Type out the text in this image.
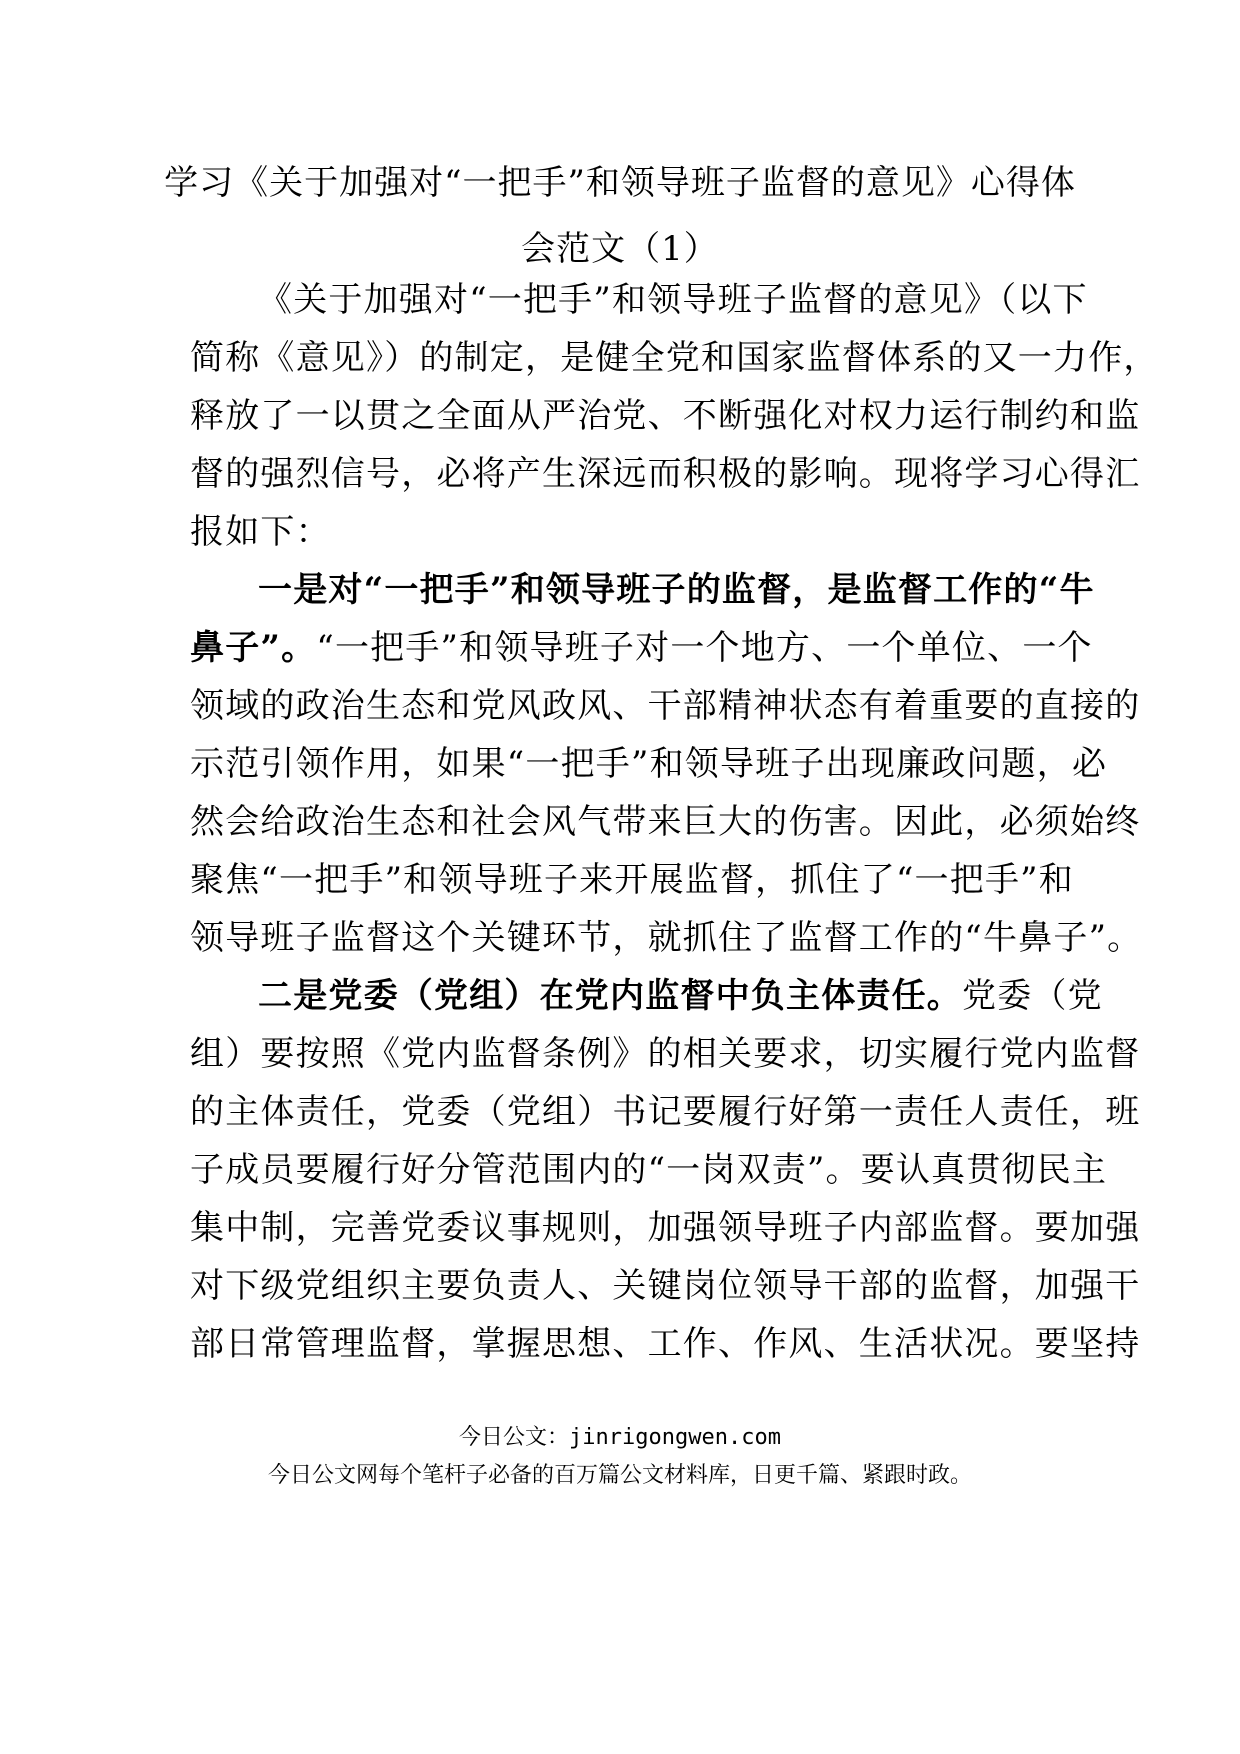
学习《关于加强对“一把手”和领导班子监督的意见》心得体
会范文（1）
《关于加强对“一把手”和领导班子监督的意见》（以下
简称《意见》）的制定，是健全党和国家监督体系的又一力作，
释放了一以贯之全面从严治党、不断强化对权力运行制约和监
督的强烈信号，必将产生深远而积极的影响。现将学习心得汇
报如下：
一是对“一把手”和领导班子的监督，是监督工作的“牛
鼻子”。“一把手”和领导班子对一个地方、一个单位、一个
领域的政治生态和党风政风、干部精神状态有着重要的直接的
示范引领作用，如果“一把手”和领导班子出现廉政问题，必
然会给政治生态和社会风气带来巨大的伤害。因此，必须始终
聚焦“一把手”和领导班子来开展监督，抓住了“一把手”和
领导班子监督这个关键环节，就抓住了监督工作的“牛鼻子”。
二是党委（党组）在党内监督中负主体责任。党委（党
组）要按照《党内监督条例》的相关要求，切实履行党内监督
的主体责任，党委（党组）书记要履行好第一责任人责任，班
子成员要履行好分管范围内的“一岗双责”。要认真贯彻民主
集中制，完善党委议事规则，加强领导班子内部监督。要加强
对下级党组织主要负责人、关键岗位领导干部的监督，加强干
部日常管理监督，掌握思想、工作、作风、生活状况。要坚持
今日公文：jinrigongwen.com
今日公文网每个笔杆子必备的百万篇公文材料库，日更千篇、紧跟时政。
